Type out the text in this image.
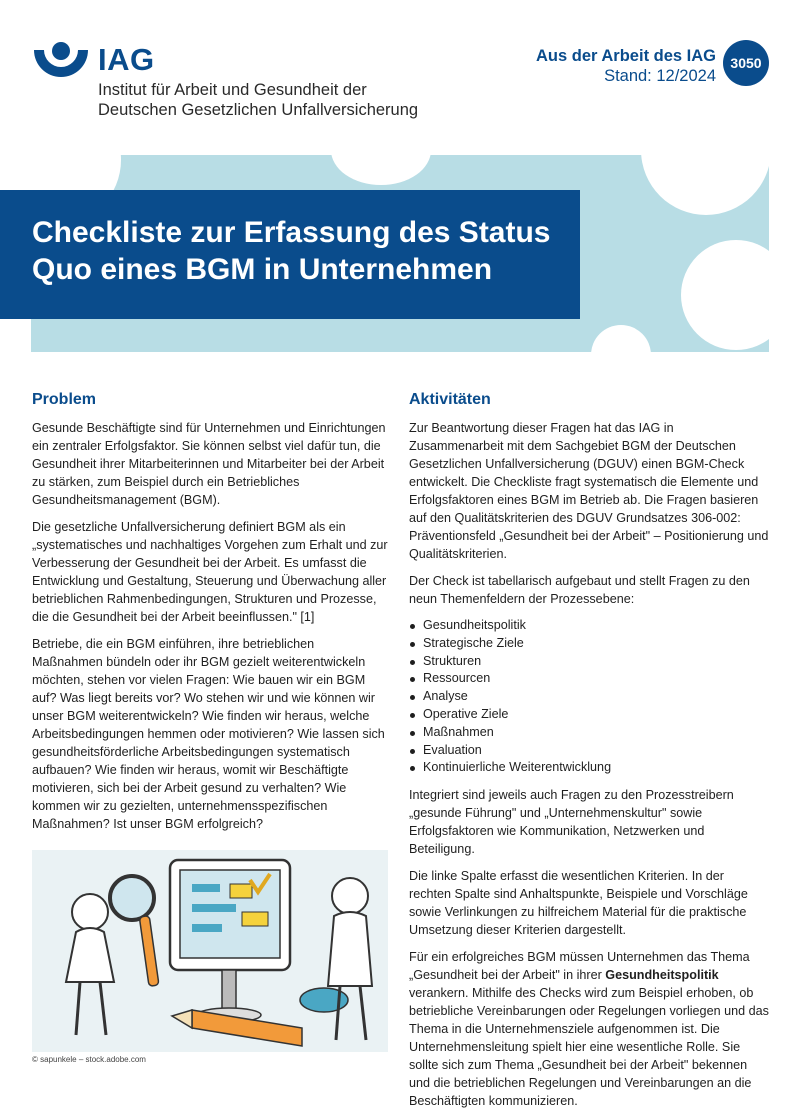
IAG
Institut für Arbeit und Gesundheit der
Deutschen Gesetzlichen Unfallversicherung
Aus der Arbeit des IAG
Stand: 12/2024
3050
Checkliste zur Erfassung des Status
Quo eines BGM in Unternehmen
Problem

Gesunde Beschäftigte sind für Unternehmen und Einrichtungen ein zentraler Erfolgsfaktor. Sie können selbst viel dafür tun, die Gesundheit ihrer Mitarbeiterinnen und Mitarbeiter bei der Arbeit zu stärken, zum Beispiel durch ein Betriebliches Gesundheitsmanagement (BGM).

Die gesetzliche Unfallversicherung definiert BGM als ein „systematisches und nachhaltiges Vorgehen zum Erhalt und zur Verbesserung der Gesundheit bei der Arbeit. Es umfasst die Entwicklung und Gestaltung, Steuerung und Überwachung aller betrieblichen Rahmenbedingungen, Strukturen und Prozesse, die die Gesundheit bei der Arbeit beeinflussen." [1]

Betriebe, die ein BGM einführen, ihre betrieblichen Maßnahmen bündeln oder ihr BGM gezielt weiterentwickeln möchten, stehen vor vielen Fragen: Wie bauen wir ein BGM auf? Was liegt bereits vor? Wo stehen wir und wie können wir unser BGM weiterentwickeln? Wie finden wir heraus, welche Arbeitsbedingungen hemmen oder motivieren? Wie lassen sich gesundheitsförderliche Arbeitsbedingungen systematisch aufbauen? Wie finden wir heraus, womit wir Beschäftigte motivieren, sich bei der Arbeit gesund zu verhalten? Wie kommen wir zu gezielten, unternehmensspezifischen Maßnahmen? Ist unser BGM erfolgreich?

© sapunkele – stock.adobe.com
Aktivitäten

Zur Beantwortung dieser Fragen hat das IAG in Zusammenarbeit mit dem Sachgebiet BGM der Deutschen Gesetzlichen Unfallversicherung (DGUV) einen BGM-Check entwickelt. Die Checkliste fragt systematisch die Elemente und Erfolgsfaktoren eines BGM im Betrieb ab. Die Fragen basieren auf den Qualitätskriterien des DGUV Grundsatzes 306-002: Präventionsfeld „Gesundheit bei der Arbeit" – Positionierung und Qualitätskriterien.

Der Check ist tabellarisch aufgebaut und stellt Fragen zu den neun Themenfeldern der Prozessebene:

Gesundheitspolitik
Strategische Ziele
Strukturen
Ressourcen
Analyse
Operative Ziele
Maßnahmen
Evaluation
Kontinuierliche Weiterentwicklung

Integriert sind jeweils auch Fragen zu den Prozesstreibern „gesunde Führung" und „Unternehmenskultur" sowie Erfolgsfaktoren wie Kommunikation, Netzwerken und Beteiligung.

Die linke Spalte erfasst die wesentlichen Kriterien. In der rechten Spalte sind Anhaltspunkte, Beispiele und Vorschläge sowie Verlinkungen zu hilfreichem Material für die praktische Umsetzung dieser Kriterien dargestellt.

Für ein erfolgreiches BGM müssen Unternehmen das Thema „Gesundheit bei der Arbeit" in ihrer Gesundheitspolitik verankern. Mithilfe des Checks wird zum Beispiel erhoben, ob betriebliche Vereinbarungen oder Regelungen vorliegen und das Thema in die Unternehmensziele aufgenommen ist. Die Unternehmensleitung spielt hier eine wesentliche Rolle. Sie sollte sich zum Thema „Gesundheit bei der Arbeit" bekennen und die betrieblichen Regelungen und Vereinbarungen an die Beschäftigten kommunizieren.
